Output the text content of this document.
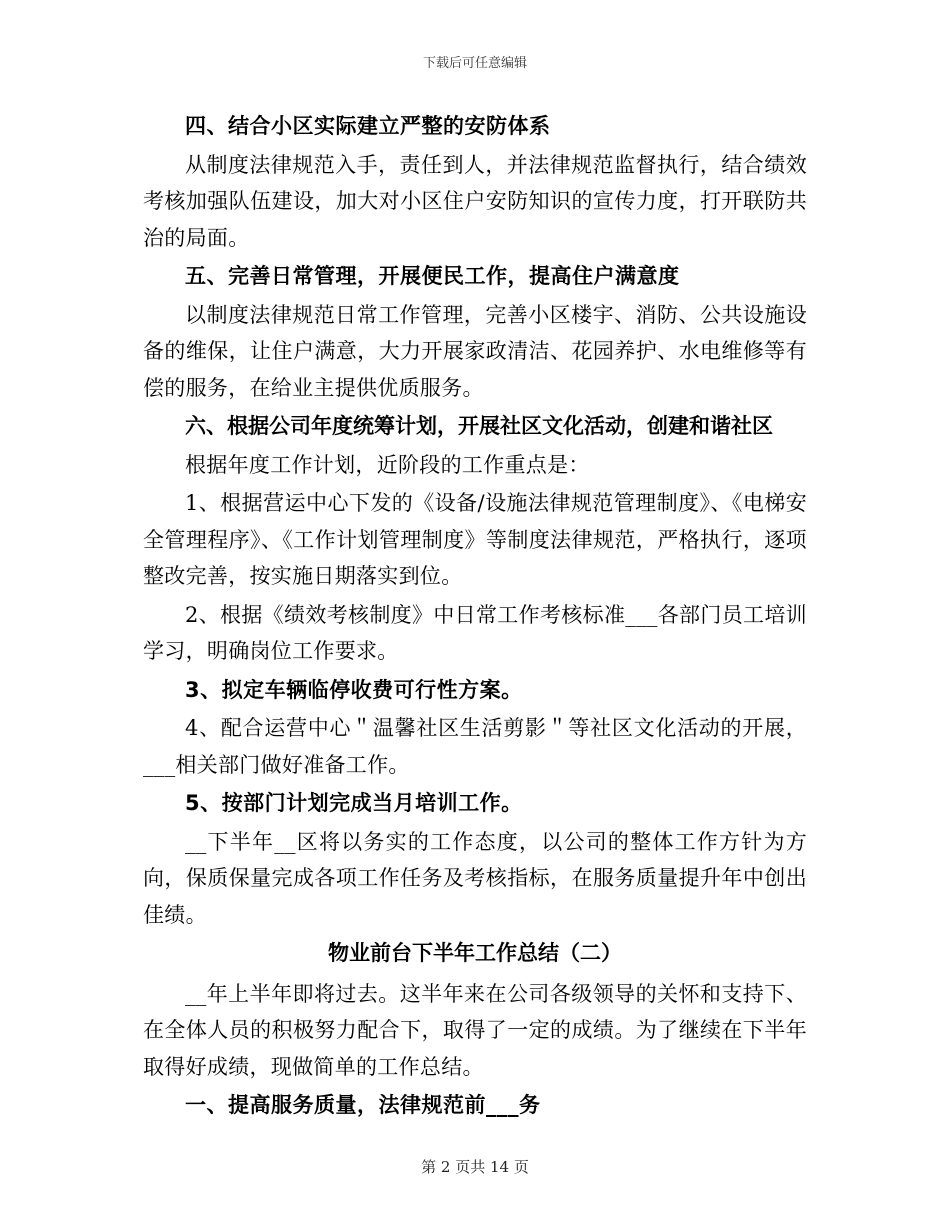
下载后可任意编辑
四、结合小区实际建立严整的安防体系
从制度法律规范入手，责任到人，并法律规范监督执行，结合绩效考核加强队伍建设，加大对小区住户安防知识的宣传力度，打开联防共治的局面。
五、完善日常管理，开展便民工作，提高住户满意度
以制度法律规范日常工作管理，完善小区楼宇、消防、公共设施设备的维保，让住户满意，大力开展家政清洁、花园养护、水电维修等有偿的服务，在给业主提供优质服务。
六、根据公司年度统筹计划，开展社区文化活动，创建和谐社区
根据年度工作计划，近阶段的工作重点是：
1、根据营运中心下发的《设备/设施法律规范管理制度》、《电梯安全管理程序》、《工作计划管理制度》等制度法律规范，严格执行，逐项整改完善，按实施日期落实到位。
2、根据《绩效考核制度》中日常工作考核标准___各部门员工培训学习，明确岗位工作要求。
3、拟定车辆临停收费可行性方案。
4、配合运营中心＂温馨社区生活剪影＂等社区文化活动的开展，___相关部门做好准备工作。
5、按部门计划完成当月培训工作。
__下半年__区将以务实的工作态度，以公司的整体工作方针为方向，保质保量完成各项工作任务及考核指标，在服务质量提升年中创出佳绩。
物业前台下半年工作总结（二）
__年上半年即将过去。这半年来在公司各级领导的关怀和支持下、在全体人员的积极努力配合下，取得了一定的成绩。为了继续在下半年取得好成绩，现做简单的工作总结。
一、提高服务质量，法律规范前___务
第 2 页共 14 页
